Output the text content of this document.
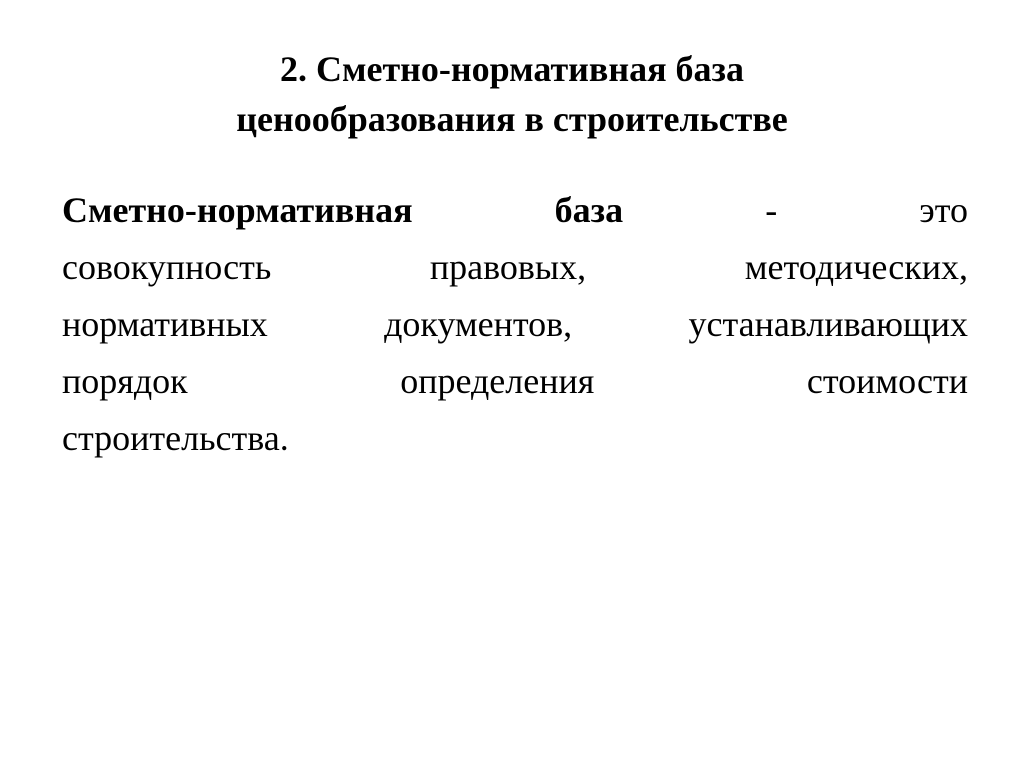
2. Сметно-нормативная база
ценообразования в строительстве
Сметно-нормативная	база	-	это
совокупность	правовых,	методических,
нормативных	документов,	устанавливающих
порядок	определения	стоимости
строительства.
